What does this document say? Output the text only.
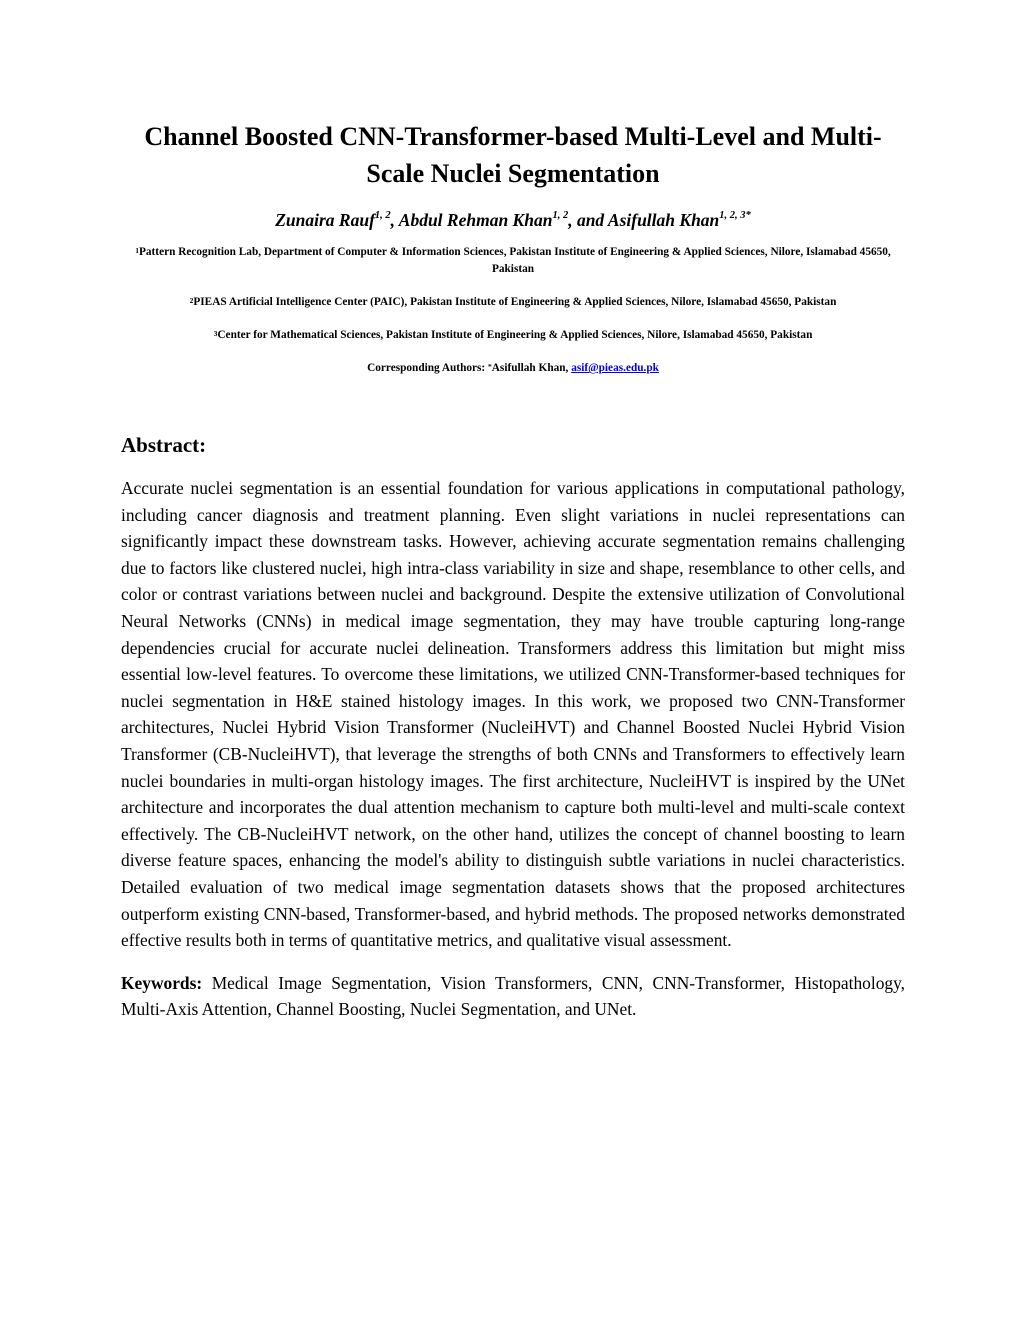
Channel Boosted CNN-Transformer-based Multi-Level and Multi-Scale Nuclei Segmentation
Zunaira Rauf$^{1, 2}$, Abdul Rehman Khan$^{1, 2}$, and Asifullah Khan$^{1, 2, 3*}$
$^1$Pattern Recognition Lab, Department of Computer & Information Sciences, Pakistan Institute of Engineering & Applied Sciences, Nilore, Islamabad 45650, Pakistan
$^2$PIEAS Artificial Intelligence Center (PAIC), Pakistan Institute of Engineering & Applied Sciences, Nilore, Islamabad 45650, Pakistan
$^3$Center for Mathematical Sciences, Pakistan Institute of Engineering & Applied Sciences, Nilore, Islamabad 45650, Pakistan
Corresponding Authors: *Asifullah Khan, asif@pieas.edu.pk
Abstract:

Accurate nuclei segmentation is an essential foundation for various applications in computational pathology, including cancer diagnosis and treatment planning. Even slight variations in nuclei representations can significantly impact these downstream tasks. However, achieving accurate segmentation remains challenging due to factors like clustered nuclei, high intra-class variability in size and shape, resemblance to other cells, and color or contrast variations between nuclei and background. Despite the extensive utilization of Convolutional Neural Networks (CNNs) in medical image segmentation, they may have trouble capturing long-range dependencies crucial for accurate nuclei delineation. Transformers address this limitation but might miss essential low-level features. To overcome these limitations, we utilized CNN-Transformer-based techniques for nuclei segmentation in H&E stained histology images. In this work, we proposed two CNN-Transformer architectures, Nuclei Hybrid Vision Transformer (NucleiHVT) and Channel Boosted Nuclei Hybrid Vision Transformer (CB-NucleiHVT), that leverage the strengths of both CNNs and Transformers to effectively learn nuclei boundaries in multi-organ histology images. The first architecture, NucleiHVT is inspired by the UNet architecture and incorporates the dual attention mechanism to capture both multi-level and multi-scale context effectively. The CB-NucleiHVT network, on the other hand, utilizes the concept of channel boosting to learn diverse feature spaces, enhancing the model's ability to distinguish subtle variations in nuclei characteristics. Detailed evaluation of two medical image segmentation datasets shows that the proposed architectures outperform existing CNN-based, Transformer-based, and hybrid methods. The proposed networks demonstrated effective results both in terms of quantitative metrics, and qualitative visual assessment.

Keywords: Medical Image Segmentation, Vision Transformers, CNN, CNN-Transformer, Histopathology, Multi-Axis Attention, Channel Boosting, Nuclei Segmentation, and UNet.
